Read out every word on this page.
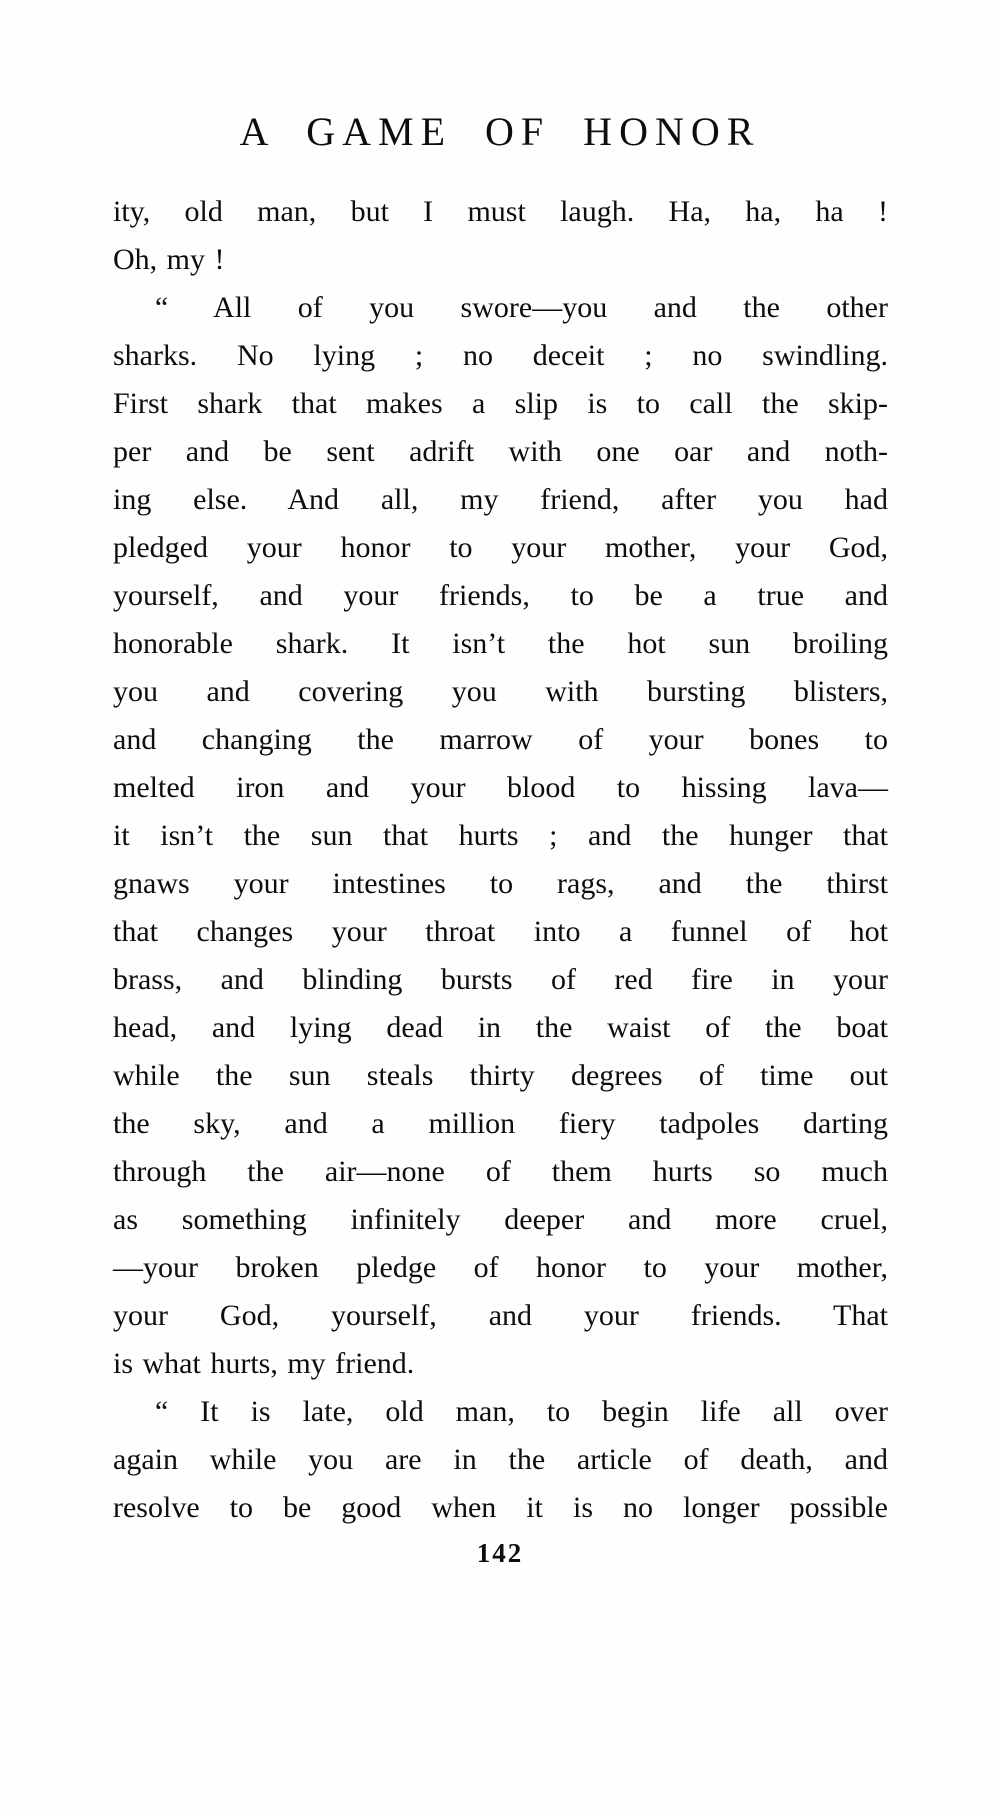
A GAME OF HONOR
ity, old man, but I must laugh. Ha, ha, ha !
Oh, my !
“ All of you swore—you and the other
sharks. No lying ; no deceit ; no swindling.
First shark that makes a slip is to call the skip-
per and be sent adrift with one oar and noth-
ing else. And all, my friend, after you had
pledged your honor to your mother, your God,
yourself, and your friends, to be a true and
honorable shark. It isn’t the hot sun broiling
you and covering you with bursting blisters,
and changing the marrow of your bones to
melted iron and your blood to hissing lava—
it isn’t the sun that hurts ; and the hunger that
gnaws your intestines to rags, and the thirst
that changes your throat into a funnel of hot
brass, and blinding bursts of red fire in your
head, and lying dead in the waist of the boat
while the sun steals thirty degrees of time out
the sky, and a million fiery tadpoles darting
through the air—none of them hurts so much
as something infinitely deeper and more cruel,
—your broken pledge of honor to your mother,
your God, yourself, and your friends. That
is what hurts, my friend.
“ It is late, old man, to begin life all over
again while you are in the article of death, and
resolve to be good when it is no longer possible
142
